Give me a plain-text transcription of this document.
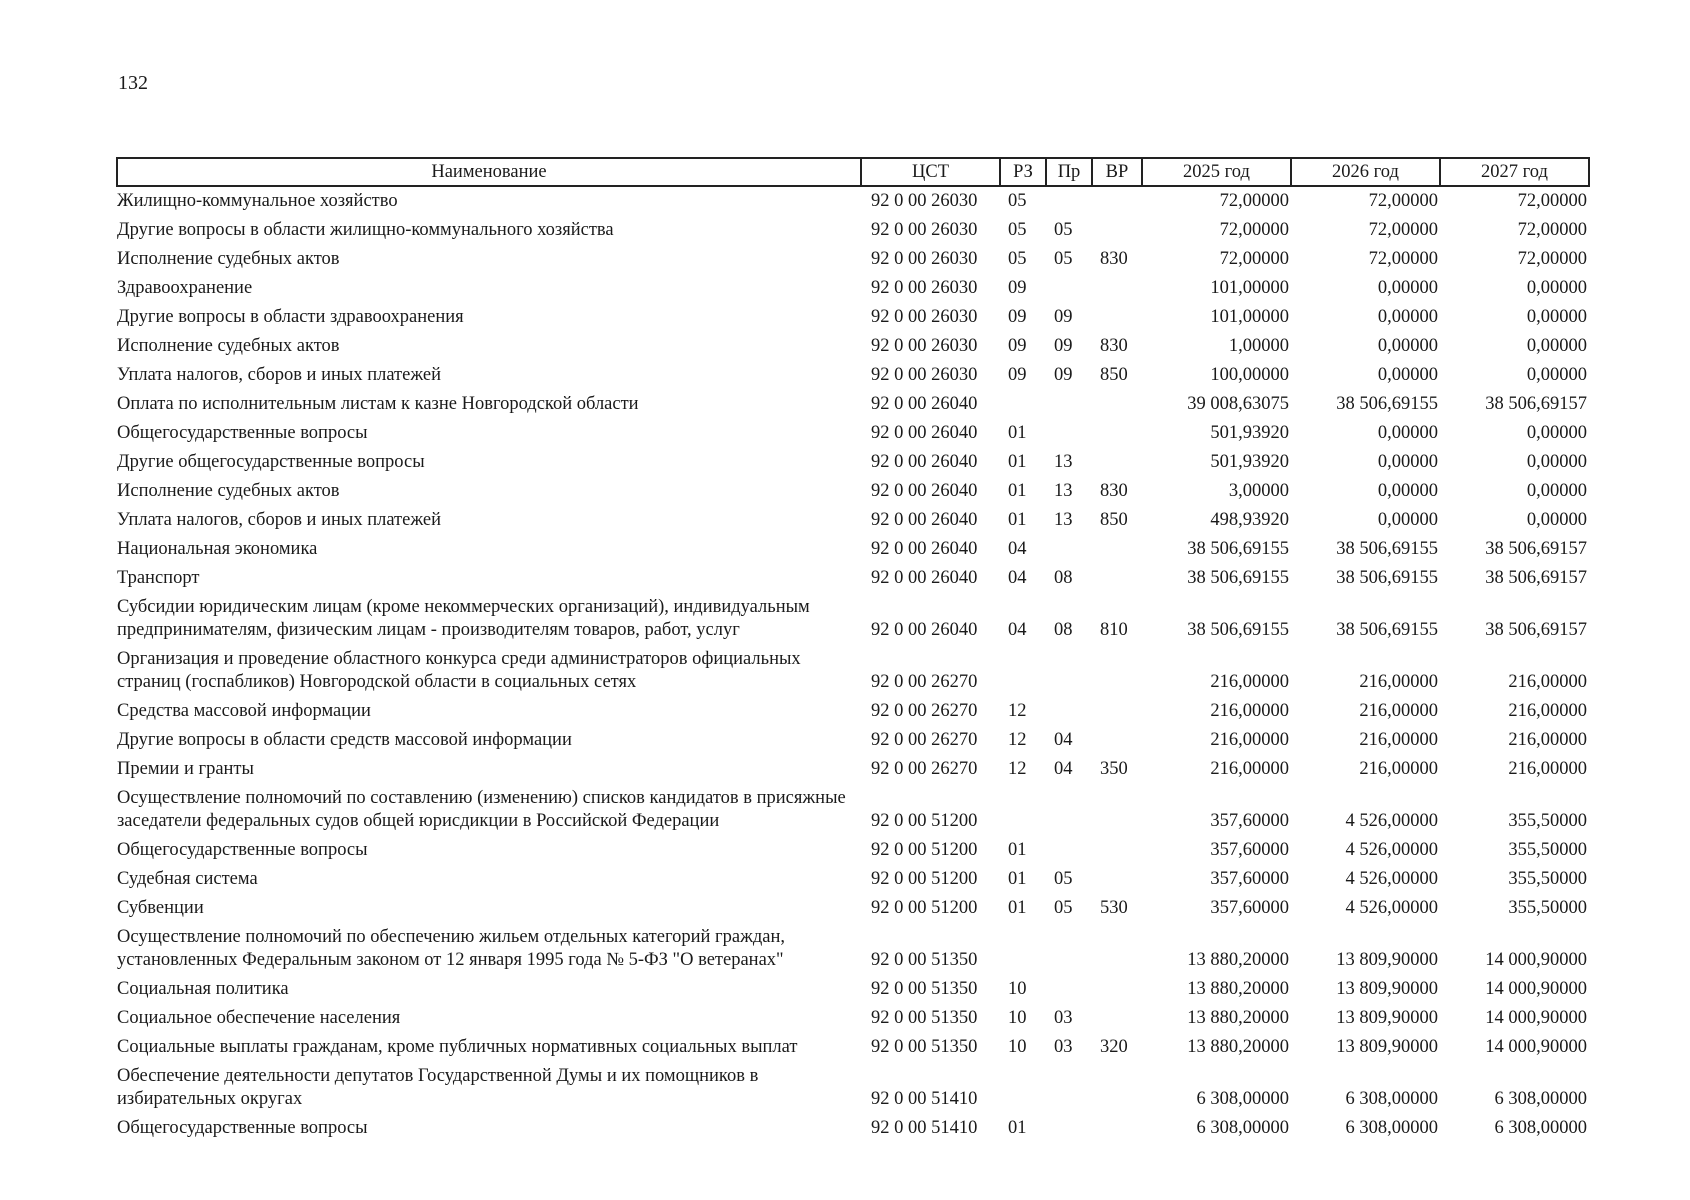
132
Наименование	ЦСТ	РЗ	Пр	ВР	2025 год	2026 год	2027 год
Жилищно-коммунальное хозяйство	92 0 00 26030	05			72,00000	72,00000	72,00000
Другие вопросы в области жилищно-коммунального хозяйства	92 0 00 26030	05	05		72,00000	72,00000	72,00000
Исполнение судебных актов	92 0 00 26030	05	05	830	72,00000	72,00000	72,00000
Здравоохранение	92 0 00 26030	09			101,00000	0,00000	0,00000
Другие вопросы в области здравоохранения	92 0 00 26030	09	09		101,00000	0,00000	0,00000
Исполнение судебных актов	92 0 00 26030	09	09	830	1,00000	0,00000	0,00000
Уплата налогов, сборов и иных платежей	92 0 00 26030	09	09	850	100,00000	0,00000	0,00000
Оплата по исполнительным листам к казне Новгородской области	92 0 00 26040				39 008,63075	38 506,69155	38 506,69157
Общегосударственные вопросы	92 0 00 26040	01			501,93920	0,00000	0,00000
Другие общегосударственные вопросы	92 0 00 26040	01	13		501,93920	0,00000	0,00000
Исполнение судебных актов	92 0 00 26040	01	13	830	3,00000	0,00000	0,00000
Уплата налогов, сборов и иных платежей	92 0 00 26040	01	13	850	498,93920	0,00000	0,00000
Национальная экономика	92 0 00 26040	04			38 506,69155	38 506,69155	38 506,69157
Транспорт	92 0 00 26040	04	08		38 506,69155	38 506,69155	38 506,69157
Субсидии юридическим лицам (кроме некоммерческих организаций), индивидуальным предпринимателям, физическим лицам - производителям товаров, работ, услуг	92 0 00 26040	04	08	810	38 506,69155	38 506,69155	38 506,69157
Организация и проведение областного конкурса среди администраторов официальных страниц (госпабликов) Новгородской области в социальных сетях	92 0 00 26270				216,00000	216,00000	216,00000
Средства массовой информации	92 0 00 26270	12			216,00000	216,00000	216,00000
Другие вопросы в области средств массовой информации	92 0 00 26270	12	04		216,00000	216,00000	216,00000
Премии и гранты	92 0 00 26270	12	04	350	216,00000	216,00000	216,00000
Осуществление полномочий по составлению (изменению) списков кандидатов в присяжные заседатели федеральных судов общей юрисдикции в Российской Федерации	92 0 00 51200				357,60000	4 526,00000	355,50000
Общегосударственные вопросы	92 0 00 51200	01			357,60000	4 526,00000	355,50000
Судебная система	92 0 00 51200	01	05		357,60000	4 526,00000	355,50000
Субвенции	92 0 00 51200	01	05	530	357,60000	4 526,00000	355,50000
Осуществление полномочий по обеспечению жильем отдельных категорий граждан, установленных Федеральным законом от 12 января 1995 года № 5-ФЗ "О ветеранах"	92 0 00 51350				13 880,20000	13 809,90000	14 000,90000
Социальная политика	92 0 00 51350	10			13 880,20000	13 809,90000	14 000,90000
Социальное обеспечение населения	92 0 00 51350	10	03		13 880,20000	13 809,90000	14 000,90000
Социальные выплаты гражданам, кроме публичных нормативных социальных выплат	92 0 00 51350	10	03	320	13 880,20000	13 809,90000	14 000,90000
Обеспечение деятельности депутатов Государственной Думы и их помощников в избирательных округах	92 0 00 51410				6 308,00000	6 308,00000	6 308,00000
Общегосударственные вопросы	92 0 00 51410	01			6 308,00000	6 308,00000	6 308,00000
